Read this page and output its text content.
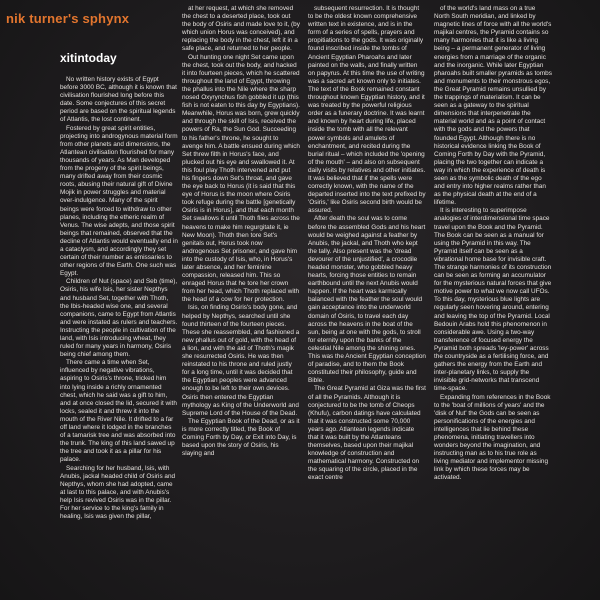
nik turner's sphynx
xitintoday

No written history exists of Egypt before 3000 BC, although it is known that civilisation flourished long before this date. Some conjectures of this secret period are based on the spiritual legends of Atlantis, the lost continent.

Fostered by great spirit entities, projecting into androgynous material form from other planets and dimensions, the Atlantean civilisation flourished for many thousands of years. As Man developed from the progeny of the spirit beings, many drifted away from their cosmic roots, abusing their natural gift of Divine Mojik in power struggles and material over-indulgence. Many of the spirit beings were forced to withdraw to other planes, including the etheric realm of Venus. The wise adepts, and those spirit beings that remained, observed that the decline of Atlantis would eventually end in a cataclysm, and accordingly they set certain of their number as emissaries to other regions of the Earth. One such was Egypt.

Children of Nut (space) and Seb (time), Osiris, his wife Isis, her sister Nepthys and husband Set, together with Thoth, the Ibis-headed wise one, and several companions, came to Egypt from Atlantis and were instated as rulers and teachers. Instructing the people in cultivation of the land, with Isis introducing wheat, they ruled for many years in harmony, Osiris being chief among them.

There came a time when Set, influenced by negative vibrations, aspiring to Osiris's throne, tricked him into lying inside a richly ornamented chest, which he said was a gift to him, and at once closed the lid, secured it with locks, sealed it and threw it into the mouth of the River Nile. It drifted to a far off land where it lodged in the branches of a tamarisk tree and was absorbed into the trunk. The king of this land sawed up the tree and took it as a pillar for his palace.

Searching for her husband, Isis, with Anubis, jackal headed child of Osiris and Nepthys, whom she had adopted, came at last to this palace, and with Anubis's help Isis revived Osiris was in the pillar. For her service to the king's family in healing, Isis was given the pillar,

at her request, at which she removed the chest to a deserted place, took out the body of Osiris and made love to it, (by which union Horus was conceived), and replacing the body in the chest, left it in a safe place, and returned to her people.

Out hunting one night Set came upon the chest, took out the body, and hacked it into fourteen pieces, which he scattered throughout the land of Egypt, throwing the phallus into the Nile where the sharp nosed Oxyrynchus fish gobbled it up (this fish is not eaten to this day by Egyptians). Meanwhile, Horus was born, grew quickly and through the skill of Isis, received the powers of Ra, the Sun God. Succeeding to his father's throne, he sought to avenge him. A battle ensued during which Set threw filth in Horus's face, and plucked out his eye and swallowed it. At this foul play Thoth intervened and put his fingers down Set's throat, and gave the eye back to Horus (it is said that this eye of Horus is the moon where Osiris took refuge during the battle [genetically Osiris is in Horus], and that each month Set swallows it until Thoth flies across the heavens to make him regurgitate it, ie New Moon). Thoth then tore Set's genitals out, Horus took now androgenous Set prisoner, and gave him into the custody of Isis, who, in Horus's later absence, and her feminine compassion, released him. This so enraged Horus that he tore her crown from her head, which Thoth replaced with the head of a cow for her protection.

Isis, on finding Osiris's body gone, and helped by Nepthys, searched until she found thirteen of the fourteen pieces. These she reassembled, and fashioned a new phallus out of gold, with the head of a lion, and with the aid of Thoth's magik she resurrected Osiris. He was then reinstated to his throne and ruled justly for a long time, until it was decided that the Egyptian peoples were advanced enough to be left to their own devices. Osiris then entered the Egyptian mythology as King of the Underworld and Supreme Lord of the House of the Dead.

The Egyptian Book of the Dead, or as it is more correctly titled, the Book of Coming Forth by Day, or Exit into Day, is based upon the story of Osiris, his slaying and

subsequent resurrection. It is thought to be the oldest known comprehensive written text in existence, and is in the form of a series of spells, prayers and propitiations to the gods. It was originally found inscribed inside the tombs of Ancient Egyptian Pharoahs and later painted on the walls, and finally written on papyrus. At this time the use of writing was a sacred art known only to initiates. The text of the Book remained constant throughout known Egyptian history, and it was treated by the powerful religious order as a funerary doctrine. It was learnt and known by heart during life, placed inside the tomb with all the relevant power symbols and amulets of enchantment, and recited during the burial ritual – which included the 'opening of the mouth' – and also on subsequent daily visits by relatives and other initiates. It was believed that if the spells were correctly known, with the name of the departed inserted into the text prefixed by 'Osiris,' like Osiris second birth would be assured.

After death the soul was to come before the assembled Gods and his heart would be weighed against a feather by Anubis, the jackal, and Thoth who kept the tally. Also present was the 'dread devourer of the unjustified', a crocodile headed monster, who gobbled heavy hearts, forcing those entities to remain earthbound until the next Anubis would happen. If the heart was karmically balanced with the feather the soul would gain acceptance into the underworld domain of Osiris, to travel each day across the heavens in the boat of the sun, being at one with the gods, to stroll for eternity upon the banks of the celestial Nile among the shining ones. This was the Ancient Egyptian conception of paradise, and to them the Book constituted their philosophy, guide and Bible.

The Great Pyramid at Giza was the first of all the Pyramids. Although it is conjectured to be the tomb of Cheops (Khufu), carbon datings have calculated that it was constructed some 70,000 years ago. Atlantean legends indicate that it was built by the Atlanteans themselves, based upon their majikal knowledge of construction and mathematical harmony. Constructed on the squaring of the circle, placed in the exact centre

of the world's land mass on a true North South meridian, and linked by magnetic lines of force with all the world's majikal centres, the Pyramid contains so many harmonies that it is like a living being – a permanent generator of living energies from a marriage of the organic and the inorganic. While later Egyptian pharoahs built smaller pyramids as tombs and monuments to their monstrous egos, the Great Pyramid remains unsullied by the trappings of materialism. It can be seen as a gateway to the spiritual dimensions that interpenetrate the material world and as a point of contact with the gods and the powers that founded Egypt. Although there is no historical evidence linking the Book of Coming Forth by Day with the Pyramid, placing the two together can indicate a way in which the experience of death is seen as the symbolic death of the ego and entry into higher realms rather than as the physical death at the end of a lifetime.

It is interesting to superimpose analogies of interdimensional time space travel upon the Book and the Pyramid. The Book can be seen as a manual for using the Pyramid in this way. The Pyramid itself can be seen as a vibrational home base for invisible craft. The strange harmonies of its construction can be seen as forming an accumulator for the mysterious natural forces that give motive power to what we now call UFOs. To this day, mysterious blue lights are regularly seen hovering around, entering and leaving the top of the Pyramid. Local Bedouin Arabs hold this phenomenon in considerable awe. Using a two-way transference of focused energy the Pyramid both spreads 'ley-power' across the countryside as a fertilising force, and gathers the energy from the Earth and inter-planetary links, to supply the invisible grid-networks that transcend time-space.

Expanding from references in the Book to the 'boat of millions of years' and the 'disk of Nut' the Gods can be seen as personifications of the energies and intelligences that lie behind these phenomena, initiating travellers into wonders beyond the imagination, and instructing man as to his true role as living mediator and implementor missing link by which these forces may be activated.
